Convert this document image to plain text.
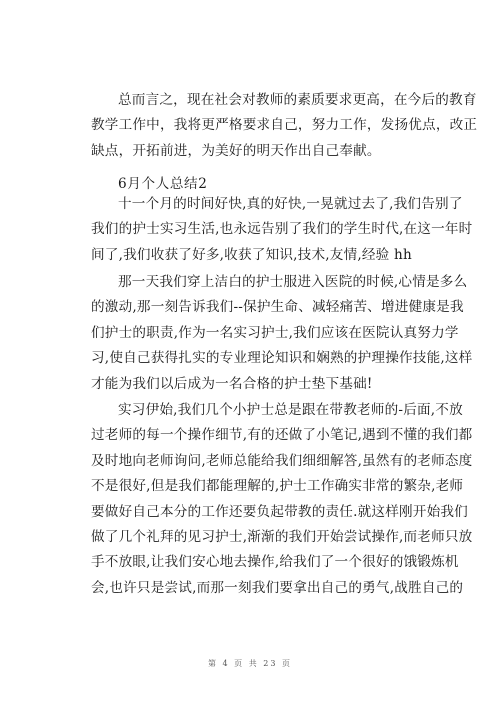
总而言之，现在社会对教师的素质要求更高，在今后的教育
教学工作中，我将更严格要求自己，努力工作，发扬优点，改正
缺点，开拓前进，为美好的明天作出自己奉献。
6月个人总结2
十一个月的时间好快,真的好快,一晃就过去了,我们告别了
我们的护士实习生活,也永远告别了我们的学生时代,在这一年时
间了,我们收获了好多,收获了知识,技术,友情,经验 hh
那一天我们穿上洁白的护士服进入医院的时候,心情是多么
的激动,那一刻告诉我们--保护生命、减轻痛苦、增进健康是我
们护士的职责,作为一名实习护士,我们应该在医院认真努力学
习,使自己获得扎实的专业理论知识和娴熟的护理操作技能,这样
才能为我们以后成为一名合格的护士垫下基础!
实习伊始,我们几个小护士总是跟在带教老师的-后面,不放
过老师的每一个操作细节,有的还做了小笔记,遇到不懂的我们都
及时地向老师询问,老师总能给我们细细解答,虽然有的老师态度
不是很好,但是我们都能理解的,护士工作确实非常的繁杂,老师
要做好自己本分的工作还要负起带教的责任.就这样刚开始我们
做了几个礼拜的见习护士,渐渐的我们开始尝试操作,而老师只放
手不放眼,让我们安心地去操作,给我们了一个很好的饿锻炼机
会,也许只是尝试,而那一刻我们要拿出自己的勇气,战胜自己的
第 4 页 共 23 页
